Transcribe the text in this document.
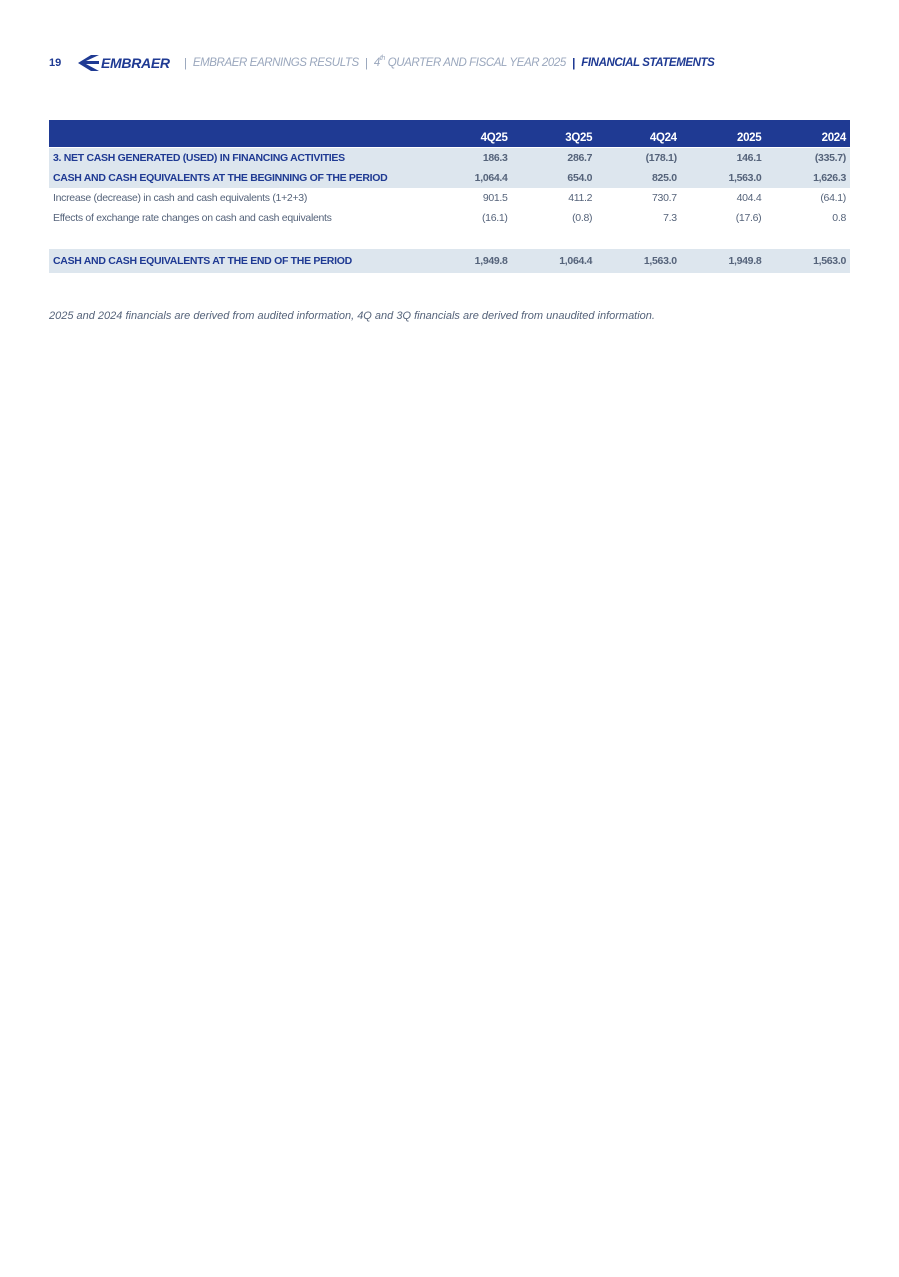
19	EMBRAER | EMBRAER EARNINGS RESULTS | 4th QUARTER AND FISCAL YEAR 2025 | FINANCIAL STATEMENTS
	4Q25	3Q25	4Q24	2025	2024

3. NET CASH GENERATED (USED) IN FINANCING ACTIVITIES	186.3	286.7	(178.1)	146.1	(335.7)
CASH AND CASH EQUIVALENTS AT THE BEGINNING OF THE PERIOD	1,064.4	654.0	825.0	1,563.0	1,626.3
Increase (decrease) in cash and cash equivalents (1+2+3)	901.5	411.2	730.7	404.4	(64.1)
Effects of exchange rate changes on cash and cash equivalents	(16.1)	(0.8)	7.3	(17.6)	0.8

CASH AND CASH EQUIVALENTS AT THE END OF THE PERIOD	1,949.8	1,064.4	1,563.0	1,949.8	1,563.0
2025 and 2024 financials are derived from audited information, 4Q and 3Q financials are derived from unaudited information.
